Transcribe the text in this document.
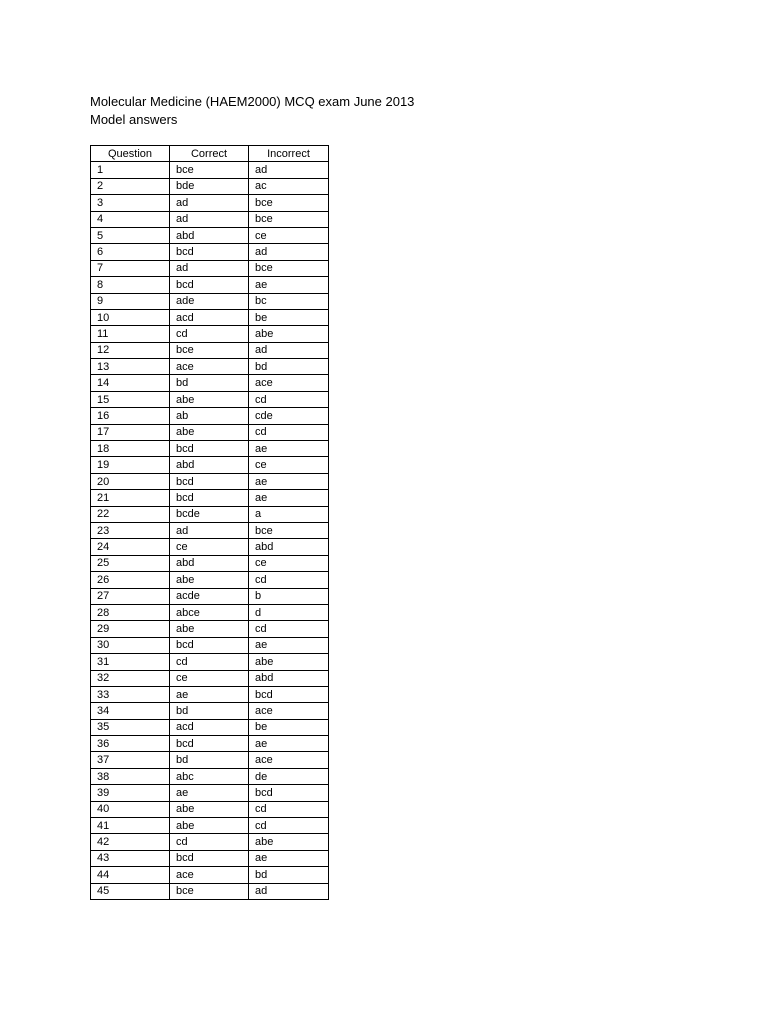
Molecular Medicine (HAEM2000) MCQ exam June 2013
Model answers
Question	Correct	Incorrect
1	bce	ad
2	bde	ac
3	ad	bce
4	ad	bce
5	abd	ce
6	bcd	ad
7	ad	bce
8	bcd	ae
9	ade	bc
10	acd	be
11	cd	abe
12	bce	ad
13	ace	bd
14	bd	ace
15	abe	cd
16	ab	cde
17	abe	cd
18	bcd	ae
19	abd	ce
20	bcd	ae
21	bcd	ae
22	bcde	a
23	ad	bce
24	ce	abd
25	abd	ce
26	abe	cd
27	acde	b
28	abce	d
29	abe	cd
30	bcd	ae
31	cd	abe
32	ce	abd
33	ae	bcd
34	bd	ace
35	acd	be
36	bcd	ae
37	bd	ace
38	abc	de
39	ae	bcd
40	abe	cd
41	abe	cd
42	cd	abe
43	bcd	ae
44	ace	bd
45	bce	ad
